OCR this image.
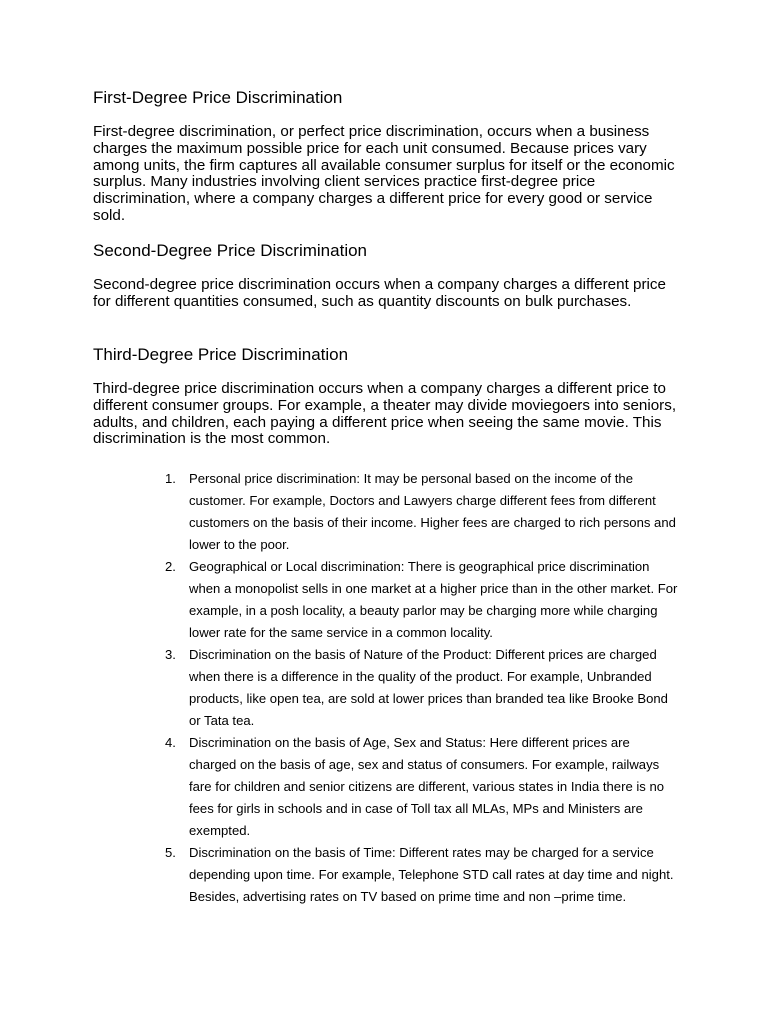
First-Degree Price Discrimination

First-degree discrimination, or perfect price discrimination, occurs when a business charges the maximum possible price for each unit consumed. Because prices vary among units, the firm captures all available consumer surplus for itself or the economic surplus. Many industries involving client services practice first-degree price discrimination, where a company charges a different price for every good or service sold.

Second-Degree Price Discrimination

Second-degree price discrimination occurs when a company charges a different price for different quantities consumed, such as quantity discounts on bulk purchases.

Third-Degree Price Discrimination

Third-degree price discrimination occurs when a company charges a different price to different consumer groups. For example, a theater may divide moviegoers into seniors, adults, and children, each paying a different price when seeing the same movie. This discrimination is the most common.

1. Personal price discrimination: It may be personal based on the income of the customer. For example, Doctors and Lawyers charge different fees from different customers on the basis of their income. Higher fees are charged to rich persons and lower to the poor.
2. Geographical or Local discrimination: There is geographical price discrimination when a monopolist sells in one market at a higher price than in the other market. For example, in a posh locality, a beauty parlor may be charging more while charging lower rate for the same service in a common locality.
3. Discrimination on the basis of Nature of the Product: Different prices are charged when there is a difference in the quality of the product. For example, Unbranded products, like open tea, are sold at lower prices than branded tea like Brooke Bond or Tata tea.
4. Discrimination on the basis of Age, Sex and Status: Here different prices are charged on the basis of age, sex and status of consumers. For example, railways fare for children and senior citizens are different, various states in India there is no fees for girls in schools and in case of Toll tax all MLAs, MPs and Ministers are exempted.
5. Discrimination on the basis of Time: Different rates may be charged for a service depending upon time. For example, Telephone STD call rates at day time and night. Besides, advertising rates on TV based on prime time and non –prime time.
